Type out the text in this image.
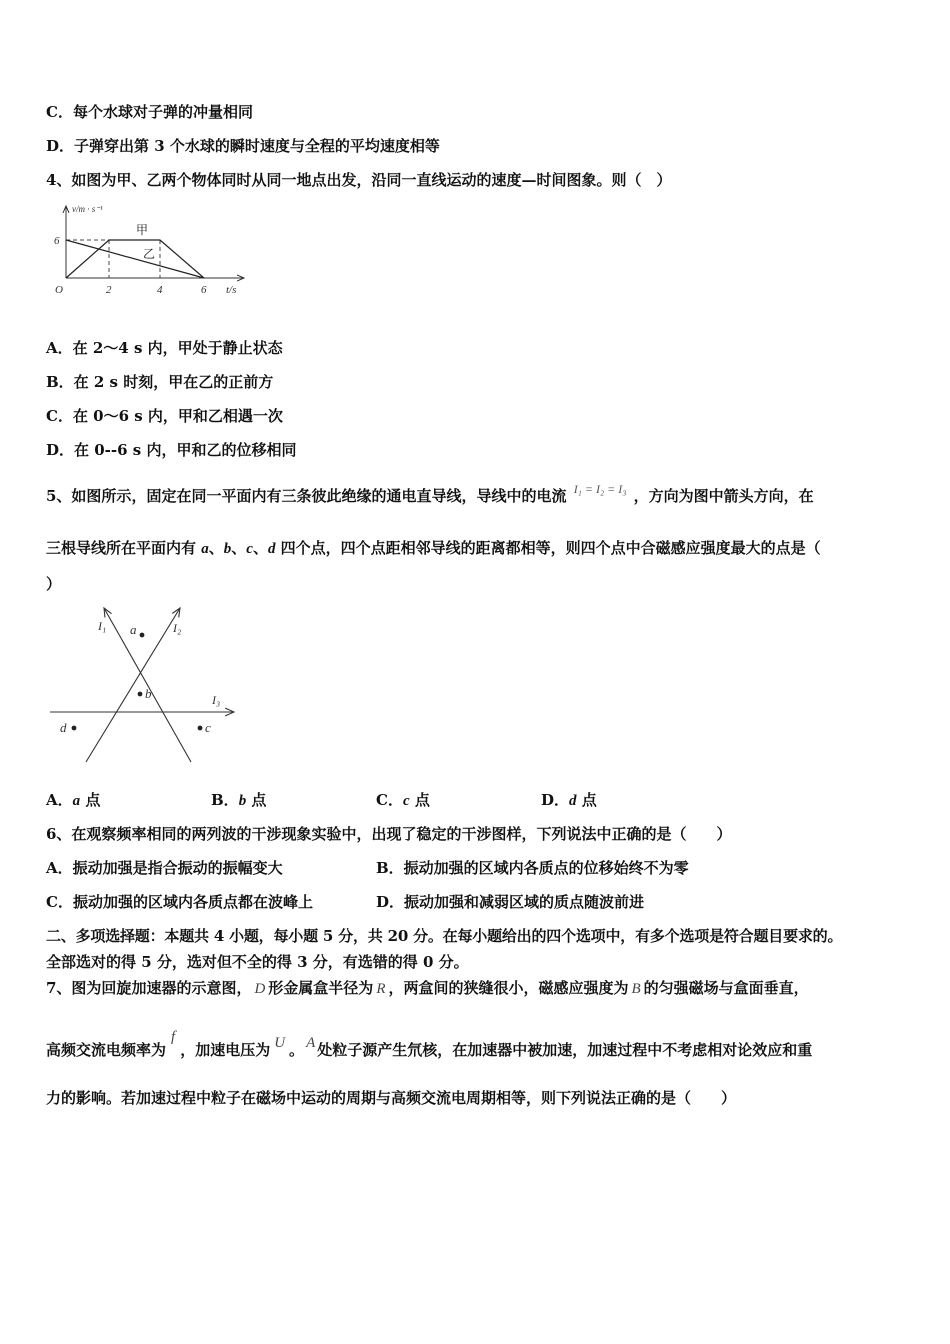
C．每个水球对子弹的冲量相同
D．子弹穿出第 3 个水球的瞬时速度与全程的平均速度相等
4、如图为甲、乙两个物体同时从同一地点出发，沿同一直线运动的速度—时间图象。则（　）
v/m · s⁻¹
6
O	2	4	6 t/s
甲
乙
A．在 2～4 s 内，甲处于静止状态
B．在 2 s 时刻，甲在乙的正前方
C．在 0～6 s 内，甲和乙相遇一次
D．在 0--6 s 内，甲和乙的位移相同
5、如图所示，固定在同一平面内有三条彼此绝缘的通电直导线，导线中的电流 $^{I_1 = I_2 = I_3}$ ，方向为图中箭头方向，在
三根导线所在平面内有 a、b、c、d 四个点，四个点距相邻导线的距离都相等，则四个点中合磁感应强度最大的点是（
）
I₁	I₂
I₃
a
b
c
d
A．a 点	B．b 点	C．c 点	D．d 点
6、在观察频率相同的两列波的干涉现象实验中，出现了稳定的干涉图样，下列说法中正确的是（　　）
A．振动加强是指合振动的振幅变大	B．振动加强的区域内各质点的位移始终不为零
C．振动加强的区域内各质点都在波峰上	D．振动加强和减弱区域的质点随波前进
二、多项选择题：本题共 4 小题，每小题 5 分，共 20 分。在每小题给出的四个选项中，有多个选项是符合题目要求的。
全部选对的得 5 分，选对但不全的得 3 分，有选错的得 0 分。
7、图为回旋加速器的示意图， D 形金属盒半径为 R ，两盒间的狭缝很小，磁感应强度为 B 的匀强磁场与盒面垂直，
高频交流电频率为f，加速电压为 U 。 A 处粒子源产生氘核，在加速器中被加速，加速过程中不考虑相对论效应和重
力的影响。若加速过程中粒子在磁场中运动的周期与高频交流电周期相等，则下列说法正确的是（　　）
